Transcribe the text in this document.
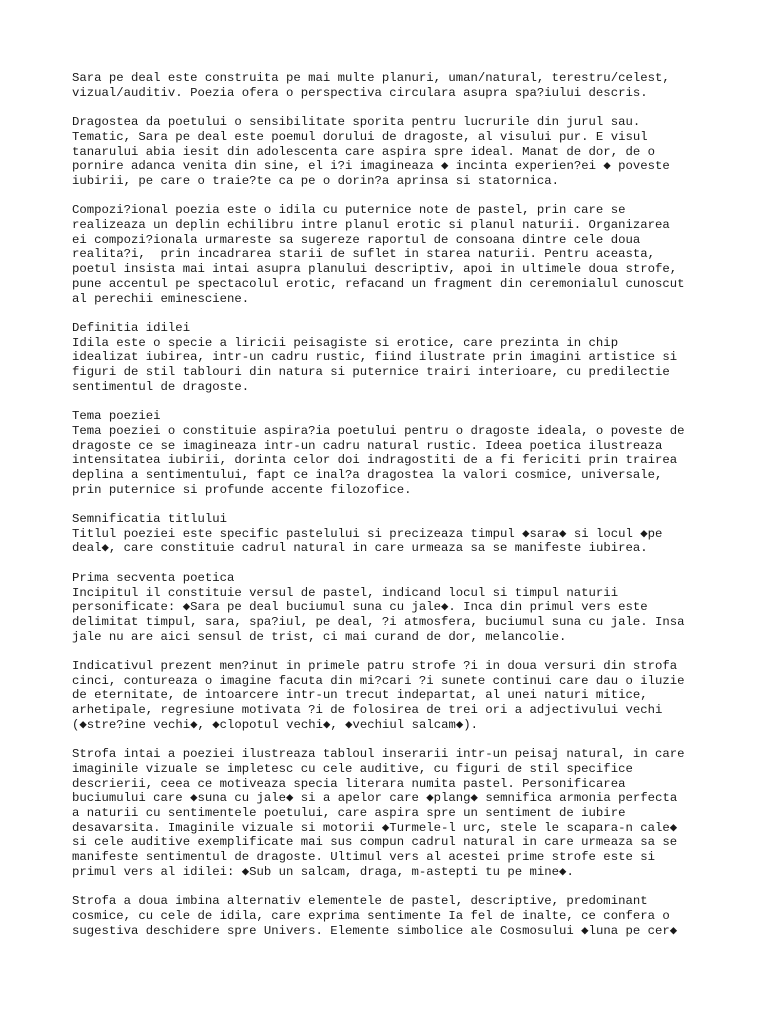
Sara pe deal este construita pe mai multe planuri, uman/natural, terestru/celest,
vizual/auditiv. Poezia ofera o perspectiva circulara asupra spa?iului descris.
Dragostea da poetului o sensibilitate sporita pentru lucrurile din jurul sau.
Tematic, Sara pe deal este poemul dorului de dragoste, al visului pur. E visul
tanarului abia iesit din adolescenta care aspira spre ideal. Manat de dor, de o
pornire adanca venita din sine, el i?i imagineaza ◆ incinta experien?ei ◆ poveste
iubirii, pe care o traie?te ca pe o dorin?a aprinsa si statornica.
Compozi?ional poezia este o idila cu puternice note de pastel, prin care se
realizeaza un deplin echilibru intre planul erotic si planul naturii. Organizarea
ei compozi?ionala urmareste sa sugereze raportul de consoana dintre cele doua
realita?i,  prin incadrarea starii de suflet in starea naturii. Pentru aceasta,
poetul insista mai intai asupra planului descriptiv, apoi in ultimele doua strofe,
pune accentul pe spectacolul erotic, refacand un fragment din ceremonialul cunoscut
al perechii eminesciene.
Definitia idilei
Idila este o specie a liricii peisagiste si erotice, care prezinta in chip
idealizat iubirea, intr-un cadru rustic, fiind ilustrate prin imagini artistice si
figuri de stil tablouri din natura si puternice trairi interioare, cu predilectie
sentimentul de dragoste.
Tema poeziei
Tema poeziei o constituie aspira?ia poetului pentru o dragoste ideala, o poveste de
dragoste ce se imagineaza intr-un cadru natural rustic. Ideea poetica ilustreaza
intensitatea iubirii, dorinta celor doi indragostiti de a fi fericiti prin trairea
deplina a sentimentului, fapt ce inal?a dragostea la valori cosmice, universale,
prin puternice si profunde accente filozofice.
Semnificatia titlului
Titlul poeziei este specific pastelului si precizeaza timpul ◆sara◆ si locul ◆pe
deal◆, care constituie cadrul natural in care urmeaza sa se manifeste iubirea.
Prima secventa poetica
Incipitul il constituie versul de pastel, indicand locul si timpul naturii
personificate: ◆Sara pe deal buciumul suna cu jale◆. Inca din primul vers este
delimitat timpul, sara, spa?iul, pe deal, ?i atmosfera, buciumul suna cu jale. Insa
jale nu are aici sensul de trist, ci mai curand de dor, melancolie.
Indicativul prezent men?inut in primele patru strofe ?i in doua versuri din strofa
cinci, contureaza o imagine facuta din mi?cari ?i sunete continui care dau o iluzie
de eternitate, de intoarcere intr-un trecut indepartat, al unei naturi mitice,
arhetipale, regresiune motivata ?i de folosirea de trei ori a adjectivului vechi
(◆stre?ine vechi◆, ◆clopotul vechi◆, ◆vechiul salcam◆).
Strofa intai a poeziei ilustreaza tabloul inserarii intr-un peisaj natural, in care
imaginile vizuale se impletesc cu cele auditive, cu figuri de stil specifice
descrierii, ceea ce motiveaza specia literara numita pastel. Personificarea
buciumului care ◆suna cu jale◆ si a apelor care ◆plang◆ semnifica armonia perfecta
a naturii cu sentimentele poetului, care aspira spre un sentiment de iubire
desavarsita. Imaginile vizuale si motorii ◆Turmele-l urc, stele le scapara-n cale◆
si cele auditive exemplificate mai sus compun cadrul natural in care urmeaza sa se
manifeste sentimentul de dragoste. Ultimul vers al acestei prime strofe este si
primul vers al idilei: ◆Sub un salcam, draga, m-astepti tu pe mine◆.
Strofa a doua imbina alternativ elementele de pastel, descriptive, predominant
cosmice, cu cele de idila, care exprima sentimente Ia fel de inalte, ce confera o
sugestiva deschidere spre Univers. Elemente simbolice ale Cosmosului ◆luna pe cer◆
